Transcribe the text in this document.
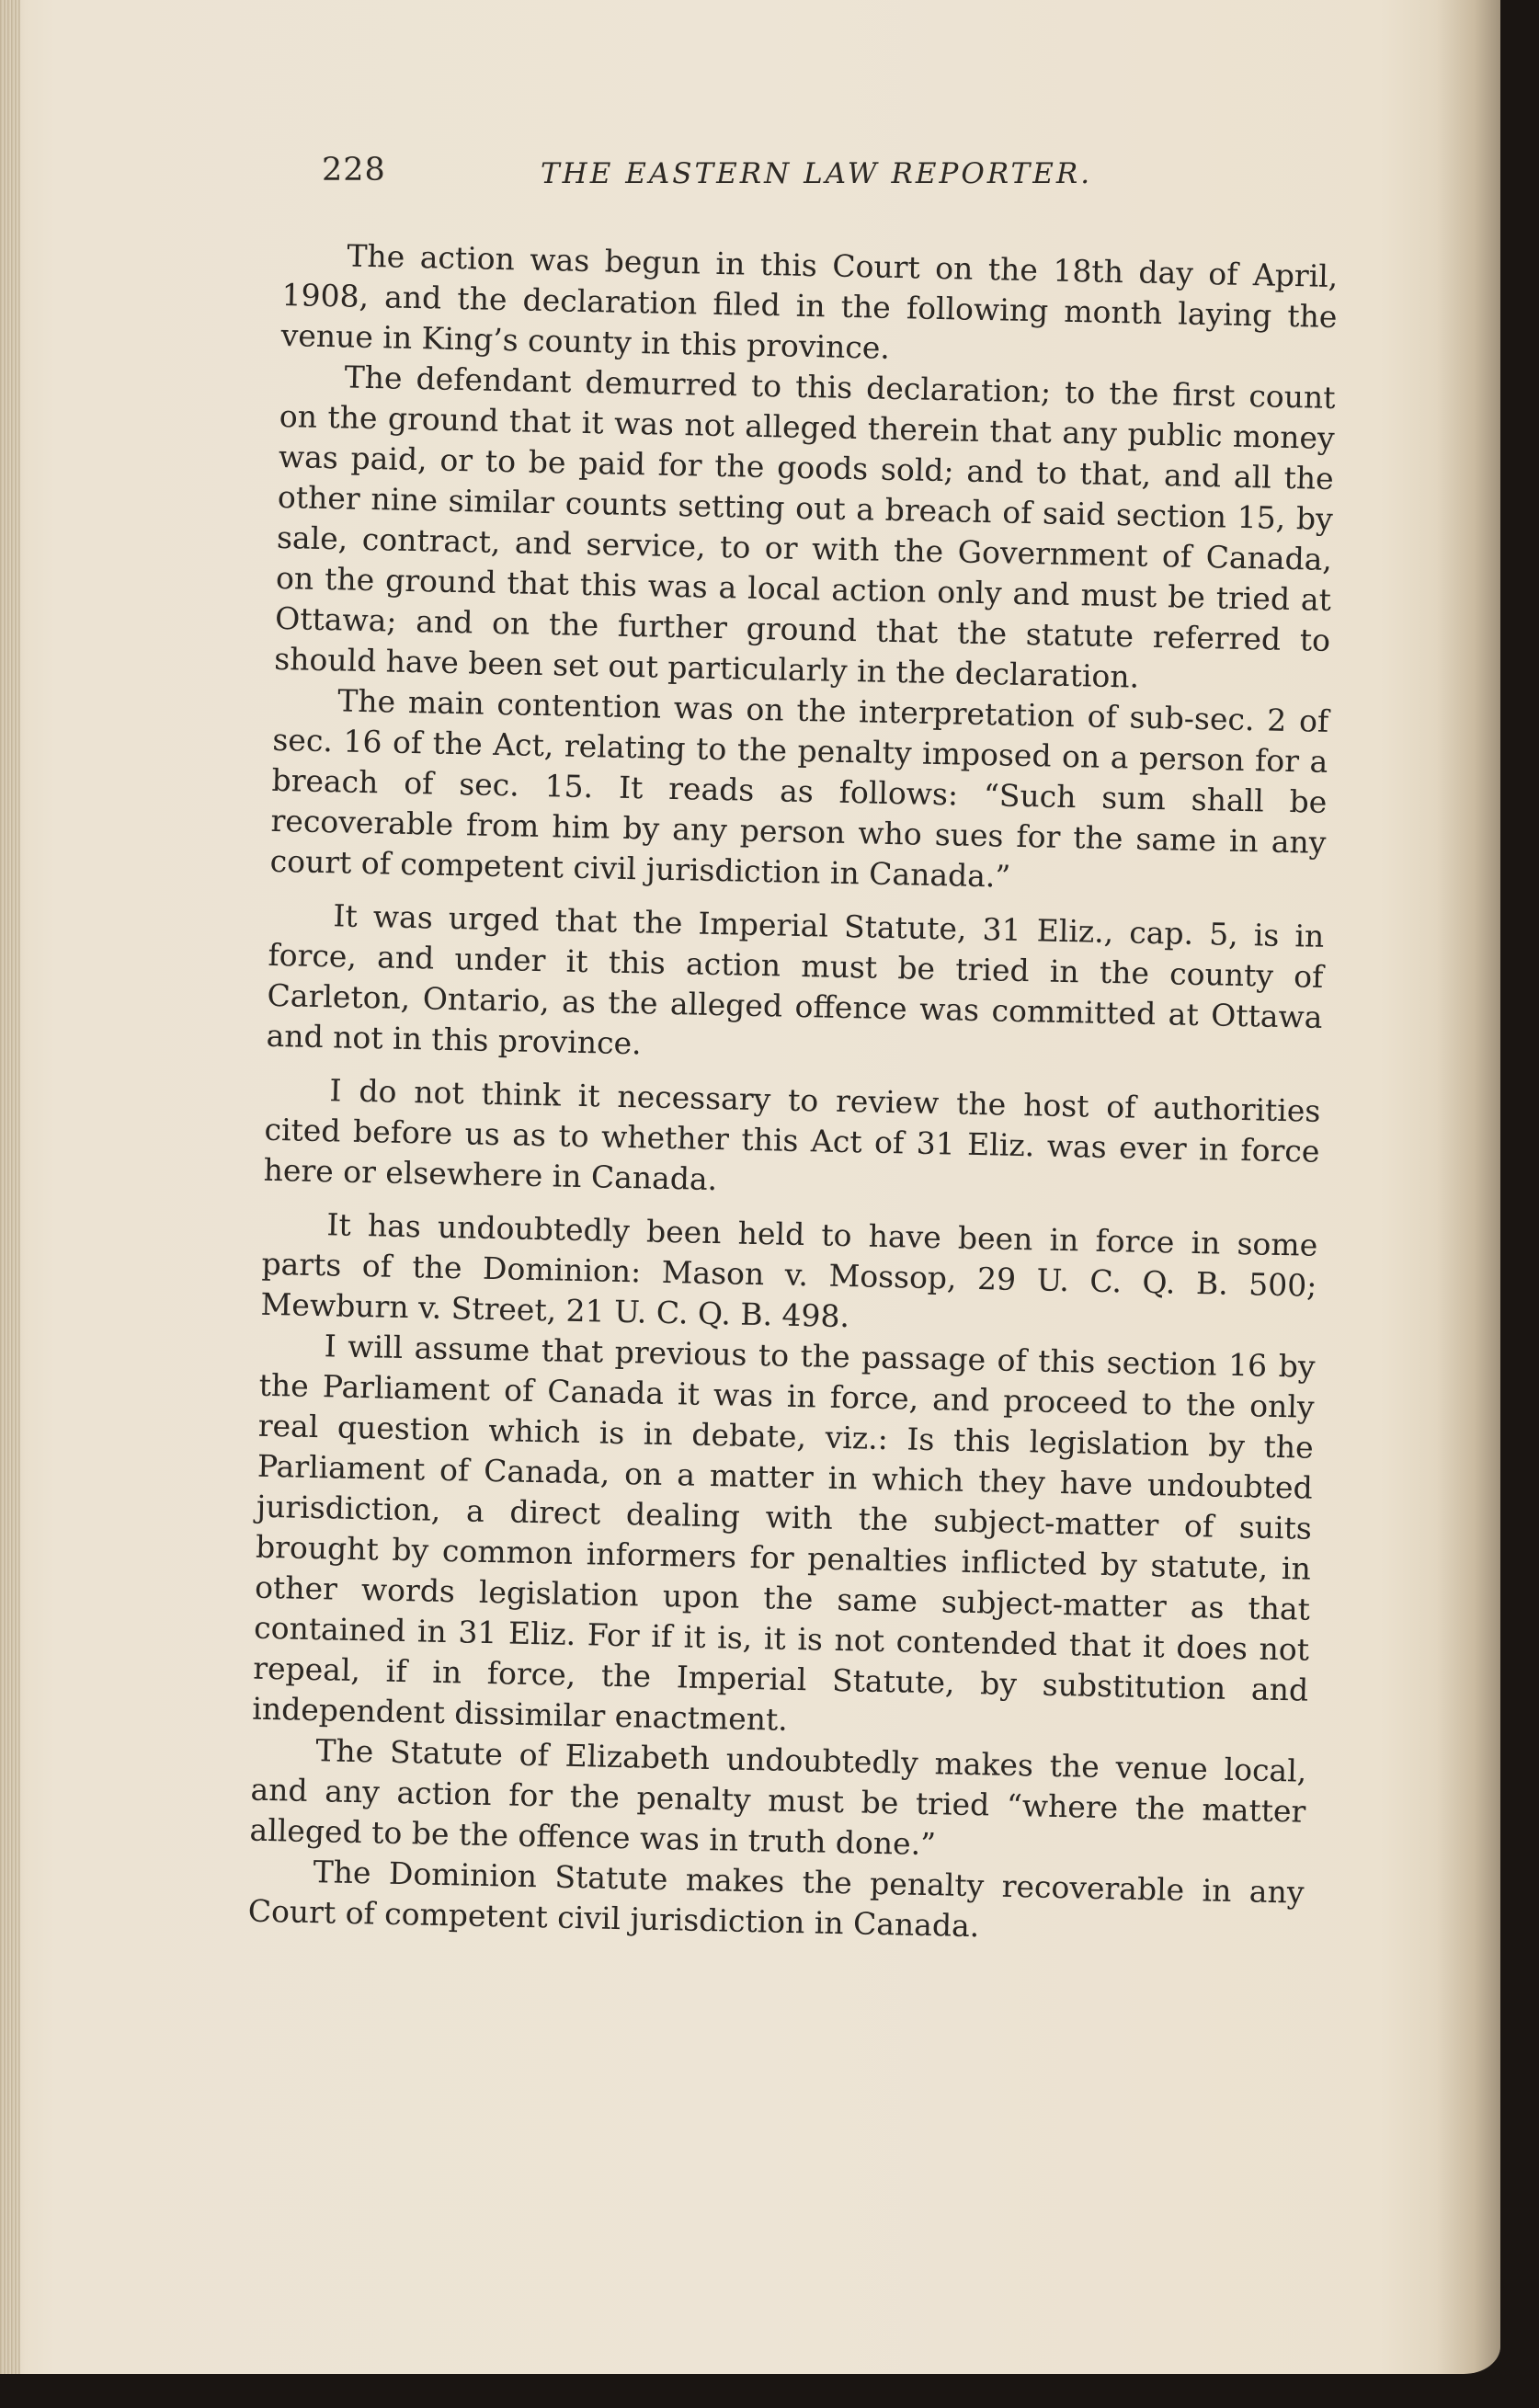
228	THE EASTERN LAW REPORTER.

The action was begun in this Court on the 18th day of April, 1908, and the declaration filed in the following month laying the venue in King’s county in this province.

The defendant demurred to this declaration; to the first count on the ground that it was not alleged therein that any public money was paid, or to be paid for the goods sold; and to that, and all the other nine similar counts setting out a breach of said section 15, by sale, contract, and service, to or with the Government of Canada, on the ground that this was a local action only and must be tried at Ottawa; and on the further ground that the statute referred to should have been set out particularly in the declaration.

The main contention was on the interpretation of sub-sec. 2 of sec. 16 of the Act, relating to the penalty imposed on a person for a breach of sec. 15. It reads as follows: “Such sum shall be recoverable from him by any person who sues for the same in any court of competent civil jurisdiction in Canada.”

It was urged that the Imperial Statute, 31 Eliz., cap. 5, is in force, and under it this action must be tried in the county of Carleton, Ontario, as the alleged offence was committed at Ottawa and not in this province.

I do not think it necessary to review the host of authorities cited before us as to whether this Act of 31 Eliz. was ever in force here or elsewhere in Canada.

It has undoubtedly been held to have been in force in some parts of the Dominion: Mason v. Mossop, 29 U. C. Q. B. 500; Mewburn v. Street, 21 U. C. Q. B. 498.

I will assume that previous to the passage of this section 16 by the Parliament of Canada it was in force, and proceed to the only real question which is in debate, viz.: Is this legislation by the Parliament of Canada, on a matter in which they have undoubted jurisdiction, a direct dealing with the subject-matter of suits brought by common informers for penalties inflicted by statute, in other words legislation upon the same subject-matter as that contained in 31 Eliz. For if it is, it is not contended that it does not repeal, if in force, the Imperial Statute, by substitution and independent dissimilar enactment.

The Statute of Elizabeth undoubtedly makes the venue local, and any action for the penalty must be tried “where the matter alleged to be the offence was in truth done.”

The Dominion Statute makes the penalty recoverable in any Court of competent civil jurisdiction in Canada.
